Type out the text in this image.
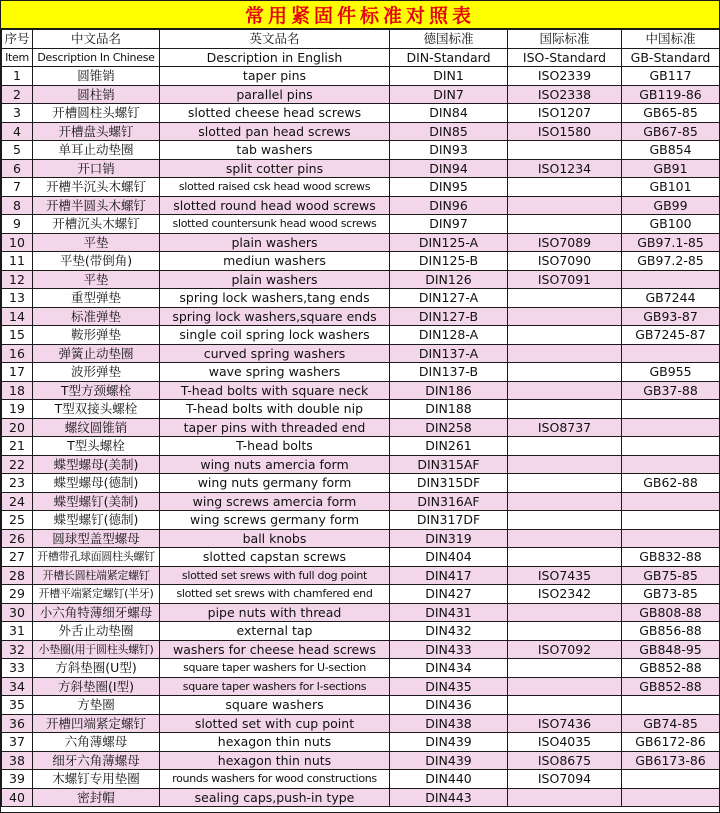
常用紧固件标准对照表
序号	中文品名	英文品名	德国标准	国际标准	中国标准
Item	Description In Chinese	Description in English	DIN-Standard	ISO-Standard	GB-Standard
1	圆锥销	taper pins	DIN1	ISO2339	GB117
2	圆柱销	parallel pins	DIN7	ISO2338	GB119-86
3	开槽圆柱头螺钉	slotted cheese head screws	DIN84	ISO1207	GB65-85
4	开槽盘头螺钉	slotted pan head screws	DIN85	ISO1580	GB67-85
5	单耳止动垫圈	tab washers	DIN93		GB854
6	开口销	split cotter pins	DIN94	ISO1234	GB91
7	开槽半沉头木螺钉	slotted raised csk head wood screws	DIN95		GB101
8	开槽半圆头木螺钉	slotted round head wood screws	DIN96		GB99
9	开槽沉头木螺钉	slotted countersunk head wood screws	DIN97		GB100
10	平垫	plain washers	DIN125-A	ISO7089	GB97.1-85
11	平垫(带倒角)	mediun washers	DIN125-B	ISO7090	GB97.2-85
12	平垫	plain washers	DIN126	ISO7091	
13	重型弹垫	spring lock washers,tang ends	DIN127-A		GB7244
14	标准弹垫	spring lock washers,square ends	DIN127-B		GB93-87
15	鞍形弹垫	single coil spring lock washers	DIN128-A		GB7245-87
16	弹簧止动垫圈	curved spring washers	DIN137-A		
17	波形弹垫	wave spring washers	DIN137-B		GB955
18	T型方颈螺栓	T-head bolts with square neck	DIN186		GB37-88
19	T型双接头螺栓	T-head bolts with double nip	DIN188		
20	螺纹圆锥销	taper pins with threaded end	DIN258	ISO8737	
21	T型头螺栓	T-head bolts	DIN261		
22	蝶型螺母(美制)	wing nuts amercia form	DIN315AF		
23	蝶型螺母(德制)	wing nuts germany form	DIN315DF		GB62-88
24	蝶型螺钉(美制)	wing screws amercia form	DIN316AF		
25	蝶型螺钉(德制)	wing screws germany form	DIN317DF		
26	圆球型盖型螺母	ball knobs	DIN319		
27	开槽带孔球面圆柱头螺钉	slotted capstan screws	DIN404		GB832-88
28	开槽长圆柱端紧定螺钉	slotted set srews with full dog point	DIN417	ISO7435	GB75-85
29	开槽平端紧定螺钉(半牙)	slotted set srews with chamfered end	DIN427	ISO2342	GB73-85
30	小六角特薄细牙螺母	pipe nuts with thread	DIN431		GB808-88
31	外舌止动垫圈	external tap	DIN432		GB856-88
32	小垫圈(用于圆柱头螺钉)	washers for cheese head screws	DIN433	ISO7092	GB848-95
33	方斜垫圈(U型)	square taper washers for U-section	DIN434		GB852-88
34	方斜垫圈(I型)	square taper washers for I-sections	DIN435		GB852-88
35	方垫圈	square washers	DIN436		
36	开槽凹端紧定螺钉	slotted set with cup point	DIN438	ISO7436	GB74-85
37	六角薄螺母	hexagon thin nuts	DIN439	ISO4035	GB6172-86
38	细牙六角薄螺母	hexagon thin nuts	DIN439	ISO8675	GB6173-86
39	木螺钉专用垫圈	rounds washers for wood constructions	DIN440	ISO7094	
40	密封帽	sealing caps,push-in type	DIN443		
